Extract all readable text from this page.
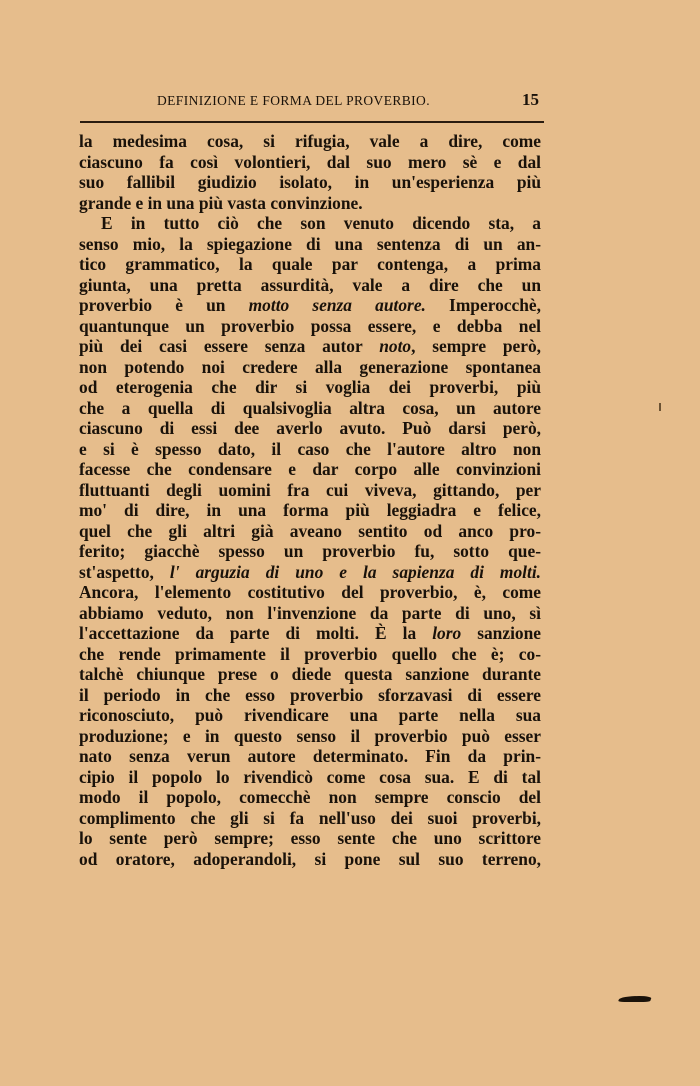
DEFINIZIONE E FORMA DEL PROVERBIO.	15
la medesima cosa, si rifugia, vale a dire, come
ciascuno fa così volontieri, dal suo mero sè e dal
suo fallibil giudizio isolato, in un'esperienza più
grande e in una più vasta convinzione.
E in tutto ciò che son venuto dicendo sta, a
senso mio, la spiegazione di una sentenza di un an-
tico grammatico, la quale par contenga, a prima
giunta, una pretta assurdità, vale a dire che un
proverbio è un motto senza autore. Imperocchè,
quantunque un proverbio possa essere, e debba nel
più dei casi essere senza autor noto, sempre però,
non potendo noi credere alla generazione spontanea
od eterogenia che dir si voglia dei proverbi, più
che a quella di qualsivoglia altra cosa, un autore
ciascuno di essi dee averlo avuto. Può darsi però,
e si è spesso dato, il caso che l'autore altro non
facesse che condensare e dar corpo alle convinzioni
fluttuanti degli uomini fra cui viveva, gittando, per
mo' di dire, in una forma più leggiadra e felice,
quel che gli altri già aveano sentito od anco pro-
ferito; giacchè spesso un proverbio fu, sotto que-
st'aspetto, l' arguzia di uno e la sapienza di molti.
Ancora, l'elemento costitutivo del proverbio, è, come
abbiamo veduto, non l'invenzione da parte di uno, sì
l'accettazione da parte di molti. È la loro sanzione
che rende primamente il proverbio quello che è; co-
talchè chiunque prese o diede questa sanzione durante
il periodo in che esso proverbio sforzavasi di essere
riconosciuto, può rivendicare una parte nella sua
produzione; e in questo senso il proverbio può esser
nato senza verun autore determinato. Fin da prin-
cipio il popolo lo rivendicò come cosa sua. E di tal
modo il popolo, comecchè non sempre conscio del
complimento che gli si fa nell'uso dei suoi proverbi,
lo sente però sempre; esso sente che uno scrittore
od oratore, adoperandoli, si pone sul suo terreno,
